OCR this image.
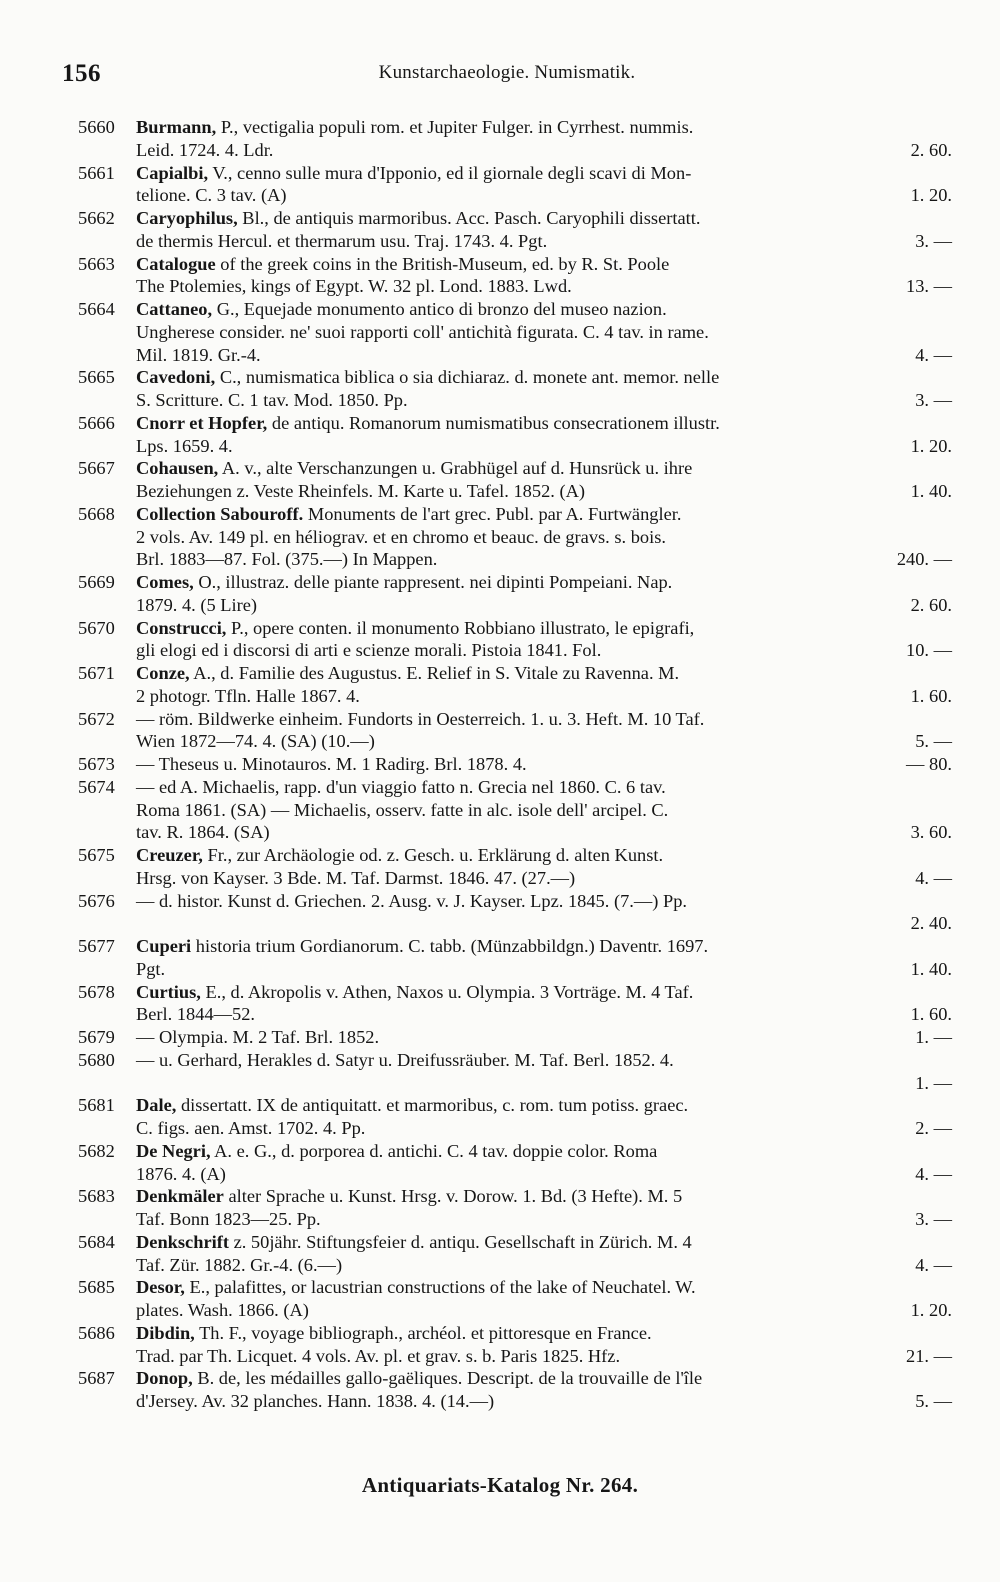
156	Kunstarchaeologie. Numismatik.
5660	Burmann, P., vectigalia populi rom. et Jupiter Fulger. in Cyrrhest. nummis.
Leid. 1724. 4. Ldr.	2. 60.
5661	Capialbi, V., cenno sulle mura d'Ipponio, ed il giornale degli scavi di Mon-
telione. C. 3 tav. (A)	1. 20.
5662	Caryophilus, Bl., de antiquis marmoribus. Acc. Pasch. Caryophili dissertatt.
de thermis Hercul. et thermarum usu. Traj. 1743. 4. Pgt.	3. —
5663	Catalogue of the greek coins in the British-Museum, ed. by R. St. Poole
The Ptolemies, kings of Egypt. W. 32 pl. Lond. 1883. Lwd.	13. —
5664	Cattaneo, G., Equejade monumento antico di bronzo del museo nazion.
Ungherese consider. ne' suoi rapporti coll' antichità figurata. C. 4 tav. in rame.
Mil. 1819. Gr.-4.	4. —
5665	Cavedoni, C., numismatica biblica o sia dichiaraz. d. monete ant. memor. nelle
S. Scritture. C. 1 tav. Mod. 1850. Pp.	3. —
5666	Cnorr et Hopfer, de antiqu. Romanorum numismatibus consecrationem illustr.
Lps. 1659. 4.	1. 20.
5667	Cohausen, A. v., alte Verschanzungen u. Grabhügel auf d. Hunsrück u. ihre
Beziehungen z. Veste Rheinfels. M. Karte u. Tafel. 1852. (A)	1. 40.
5668	Collection Sabouroff. Monuments de l'art grec. Publ. par A. Furtwängler.
2 vols. Av. 149 pl. en héliograv. et en chromo et beauc. de gravs. s. bois.
Brl. 1883—87. Fol. (375.—) In Mappen.	240. —
5669	Comes, O., illustraz. delle piante rappresent. nei dipinti Pompeiani. Nap.
1879. 4. (5 Lire)	2. 60.
5670	Construcci, P., opere conten. il monumento Robbiano illustrato, le epigrafi,
gli elogi ed i discorsi di arti e scienze morali. Pistoia 1841. Fol.	10. —
5671	Conze, A., d. Familie des Augustus. E. Relief in S. Vitale zu Ravenna. M.
2 photogr. Tfln. Halle 1867. 4.	1. 60.
5672	— röm. Bildwerke einheim. Fundorts in Oesterreich. 1. u. 3. Heft. M. 10 Taf.
Wien 1872—74. 4. (SA) (10.—)	5. —
5673	— Theseus u. Minotauros. M. 1 Radirg. Brl. 1878. 4.	— 80.
5674	— ed A. Michaelis, rapp. d'un viaggio fatto n. Grecia nel 1860. C. 6 tav.
Roma 1861. (SA) — Michaelis, osserv. fatte in alc. isole dell' arcipel. C.
tav. R. 1864. (SA)	3. 60.
5675	Creuzer, Fr., zur Archäologie od. z. Gesch. u. Erklärung d. alten Kunst.
Hrsg. von Kayser. 3 Bde. M. Taf. Darmst. 1846. 47. (27.—)	4. —
5676	— d. histor. Kunst d. Griechen. 2. Ausg. v. J. Kayser. Lpz. 1845. (7.—) Pp.
2. 40.
5677	Cuperi historia trium Gordianorum. C. tabb. (Münzabbildgn.) Daventr. 1697.
Pgt.	1. 40.
5678	Curtius, E., d. Akropolis v. Athen, Naxos u. Olympia. 3 Vorträge. M. 4 Taf.
Berl. 1844—52.	1. 60.
5679	— Olympia. M. 2 Taf. Brl. 1852.	1. —
5680	— u. Gerhard, Herakles d. Satyr u. Dreifussräuber. M. Taf. Berl. 1852. 4.
1. —
5681	Dale, dissertatt. IX de antiquitatt. et marmoribus, c. rom. tum potiss. graec.
C. figs. aen. Amst. 1702. 4. Pp.	2. —
5682	De Negri, A. e. G., d. porporea d. antichi. C. 4 tav. doppie color. Roma
1876. 4. (A)	4. —
5683	Denkmäler alter Sprache u. Kunst. Hrsg. v. Dorow. 1. Bd. (3 Hefte). M. 5
Taf. Bonn 1823—25. Pp.	3. —
5684	Denkschrift z. 50jähr. Stiftungsfeier d. antiqu. Gesellschaft in Zürich. M. 4
Taf. Zür. 1882. Gr.-4. (6.—)	4. —
5685	Desor, E., palafittes, or lacustrian constructions of the lake of Neuchatel. W.
plates. Wash. 1866. (A)	1. 20.
5686	Dibdin, Th. F., voyage bibliograph., archéol. et pittoresque en France.
Trad. par Th. Licquet. 4 vols. Av. pl. et grav. s. b. Paris 1825. Hfz.	21. —
5687	Donop, B. de, les médailles gallo-gaëliques. Descript. de la trouvaille de l'île
d'Jersey. Av. 32 planches. Hann. 1838. 4. (14.—)	5. —
Antiquariats-Katalog Nr. 264.
